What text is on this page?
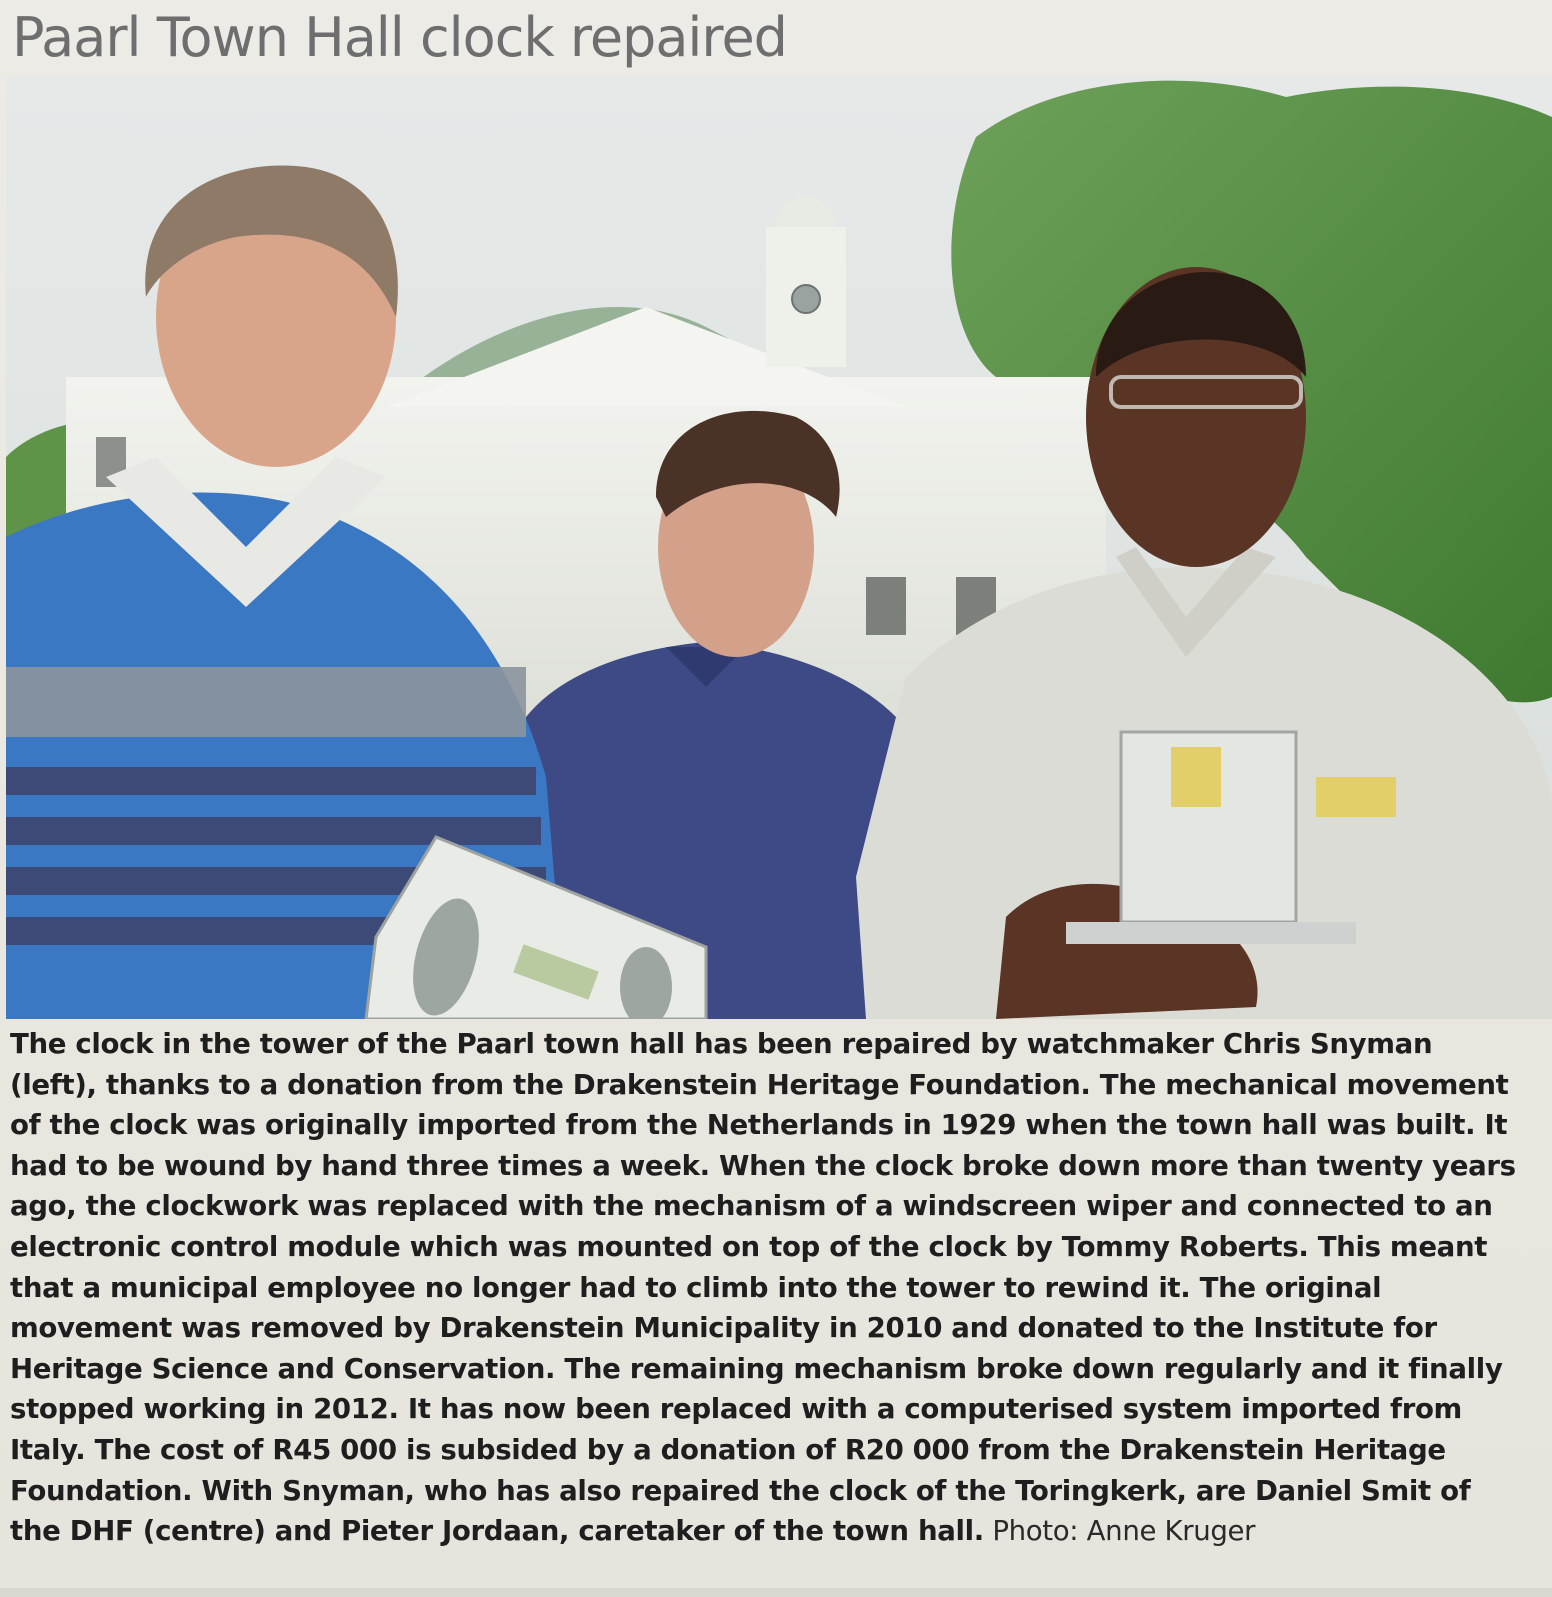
Paarl Town Hall clock repaired
The clock in the tower of the Paarl town hall has been repaired by watchmaker Chris Snyman
(left), thanks to a donation from the Drakenstein Heritage Foundation. The mechanical movement
of the clock was originally imported from the Netherlands in 1929 when the town hall was built. It
had to be wound by hand three times a week. When the clock broke down more than twenty years
ago, the clockwork was replaced with the mechanism of a windscreen wiper and connected to an
electronic control module which was mounted on top of the clock by Tommy Roberts. This meant
that a municipal employee no longer had to climb into the tower to rewind it. The original
movement was removed by Drakenstein Municipality in 2010 and donated to the Institute for
Heritage Science and Conservation. The remaining mechanism broke down regularly and it finally
stopped working in 2012. It has now been replaced with a computerised system imported from
Italy. The cost of R45 000 is subsided by a donation of R20 000 from the Drakenstein Heritage
Foundation. With Snyman, who has also repaired the clock of the Toringkerk, are Daniel Smit of
the DHF (centre) and Pieter Jordaan, caretaker of the town hall. Photo: Anne Kruger
